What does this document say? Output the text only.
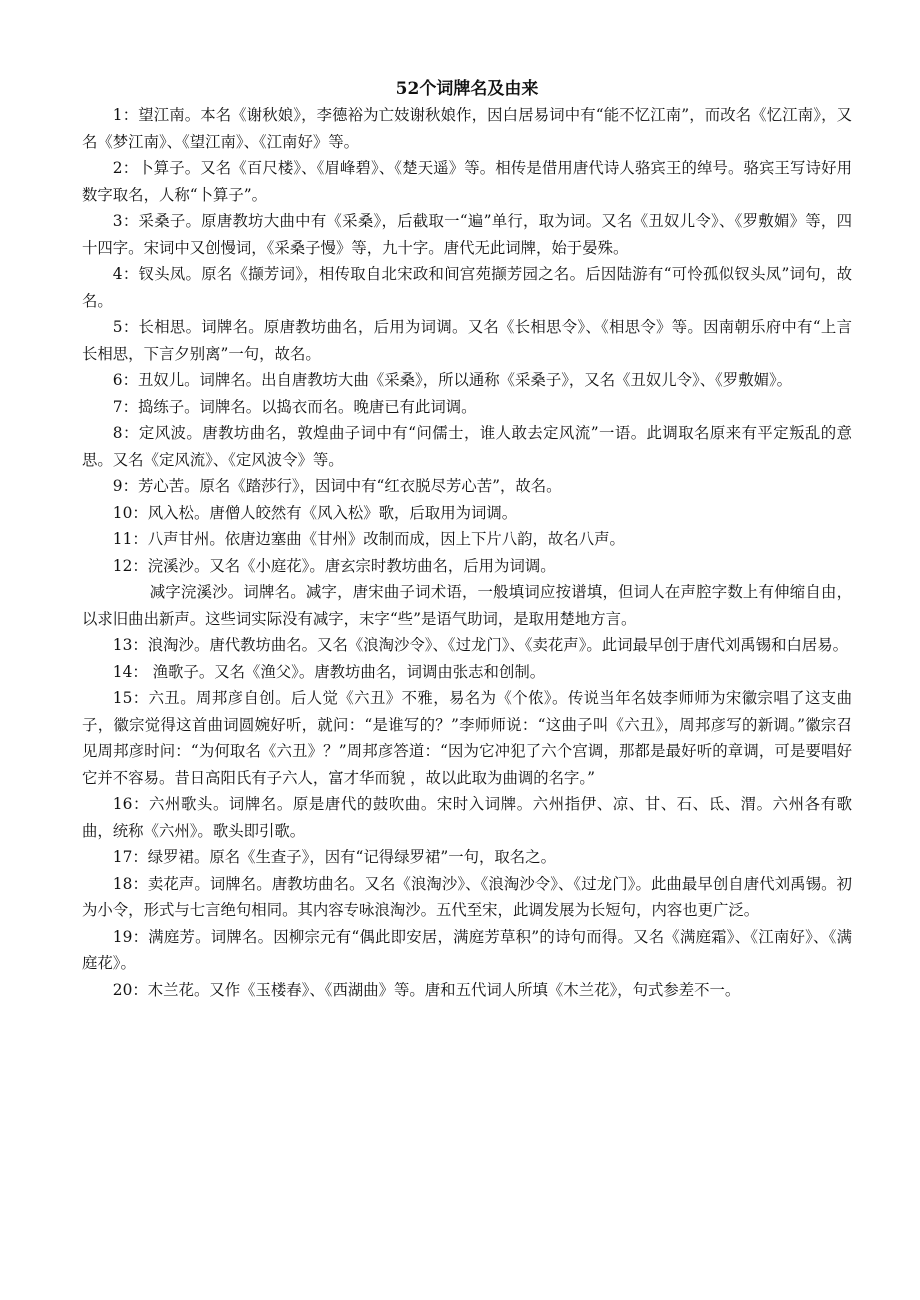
52个词牌名及由来

1：望江南。本名《谢秋娘》，李德裕为亡妓谢秋娘作，因白居易词中有“能不忆江南”，而改名《忆江南》，又名《梦江南》、《望江南》、《江南好》等。

2：卜算子。又名《百尺楼》、《眉峰碧》、《楚天遥》等。相传是借用唐代诗人骆宾王的绰号。骆宾王写诗好用数字取名，人称“卜算子”。

3：采桑子。原唐教坊大曲中有《采桑》，后截取一“遍”单行，取为词。又名《丑奴儿令》、《罗敷媚》等，四十四字。宋词中又创慢词，《采桑子慢》等，九十字。唐代无此词牌，始于晏殊。

4：钗头凤。原名《撷芳词》，相传取自北宋政和间宫苑撷芳园之名。后因陆游有“可怜孤似钗头凤”词句，故名。

5：长相思。词牌名。原唐教坊曲名，后用为词调。又名《长相思令》、《相思令》等。因南朝乐府中有“上言长相思，下言夕别离”一句，故名。

6：丑奴儿。词牌名。出自唐教坊大曲《采桑》，所以通称《采桑子》，又名《丑奴儿令》、《罗敷媚》。

7：捣练子。词牌名。以捣衣而名。晚唐已有此词调。

8：定风波。唐教坊曲名，敦煌曲子词中有“问儒士，谁人敢去定风流”一语。此调取名原来有平定叛乱的意思。又名《定风流》、《定风波令》等。

9：芳心苦。原名《踏莎行》，因词中有“红衣脱尽芳心苦”，故名。

10：风入松。唐僧人皎然有《风入松》歌，后取用为词调。

11：八声甘州。依唐边塞曲《甘州》改制而成，因上下片八韵，故名八声。

12：浣溪沙。又名《小庭花》。唐玄宗时教坊曲名，后用为词调。

减字浣溪沙。词牌名。减字，唐宋曲子词术语，一般填词应按谱填，但词人在声腔字数上有伸缩自由，以求旧曲出新声。这些词实际没有减字，末字“些”是语气助词，是取用楚地方言。

13：浪淘沙。唐代教坊曲名。又名《浪淘沙令》、《过龙门》、《卖花声》。此词最早创于唐代刘禹锡和白居易。

14： 渔歌子。又名《渔父》。唐教坊曲名，词调由张志和创制。

15：六丑。周邦彦自创。后人觉《六丑》不雅，易名为《个侬》。传说当年名妓李师师为宋徽宗唱了这支曲子，徽宗觉得这首曲词圆婉好听，就问：“是谁写的？”李师师说：“这曲子叫《六丑》，周邦彦写的新调。”徽宗召见周邦彦时问：“为何取名《六丑》？”周邦彦答道：“因为它冲犯了六个宫调，那都是最好听的章调，可是要唱好它并不容易。昔日高阳氏有子六人，富才华而貌 ，故以此取为曲调的名字。”

16：六州歌头。词牌名。原是唐代的鼓吹曲。宋时入词牌。六州指伊、凉、甘、石、氐、渭。六州各有歌曲，统称《六州》。歌头即引歌。

17：绿罗裙。原名《生查子》，因有“记得绿罗裙”一句，取名之。

18：卖花声。词牌名。唐教坊曲名。又名《浪淘沙》、《浪淘沙令》、《过龙门》。此曲最早创自唐代刘禹锡。初为小令，形式与七言绝句相同。其内容专咏浪淘沙。五代至宋，此调发展为长短句，内容也更广泛。

19：满庭芳。词牌名。因柳宗元有“偶此即安居，满庭芳草积”的诗句而得。又名《满庭霜》、《江南好》、《满庭花》。

20：木兰花。又作《玉楼春》、《西湖曲》等。唐和五代词人所填《木兰花》，句式参差不一。
